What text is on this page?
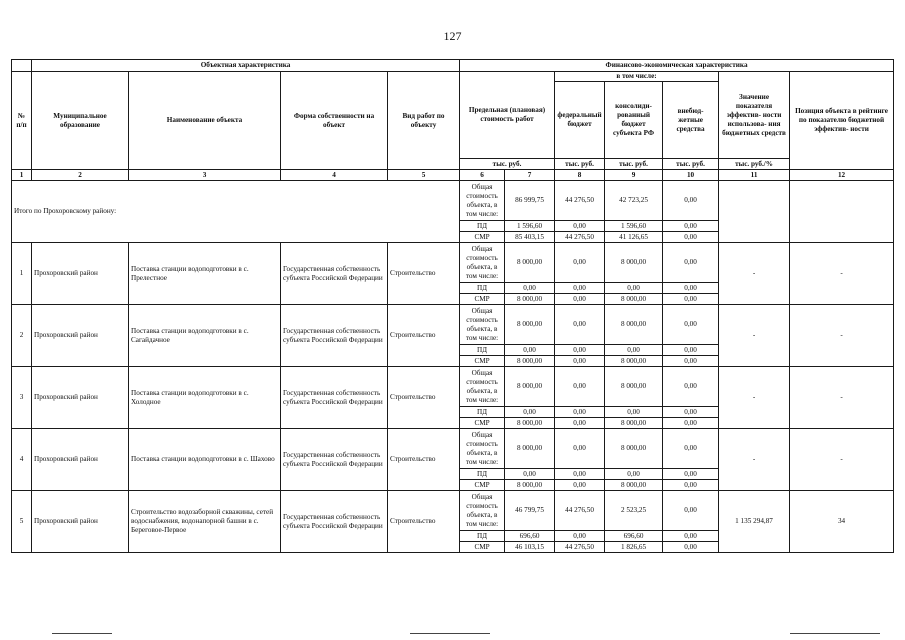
127
	Объектная характеристика				Финансово-экономическая характеристика						
№ п/п	Муниципальное образование	Наименование объекта	Форма собственности на объект	Вид работ по объекту	Предельная (плановая) стоимость работ		в том числе:			Значение показателя эффектив- ности использова- ния бюджетных средств	Позиция объекта в рейтинге по показателю бюджетной эффектив- ности
							федеральный бюджет	консолиди- рованный бюджет субъекта РФ	внебюд- жетные средства		
					тыс. руб.		тыс. руб.	тыс. руб.	тыс. руб.	тыс. руб./%	
1	2	3	4	5	6	7	8	9	10	11	12
Итого по Прохоровскому району:					Общая стоимость объекта, в том числе:	86 999,75	44 276,50	42 723,25	0,00		
					ПД	1 596,60	0,00	1 596,60	0,00		
					СМР	85 403,15	44 276,50	41 126,65	0,00		
1	Прохоровский район	Поставка станции водоподготовки в с. Прелестное	Государственная собственность субъекта Российской Федерации	Строительство	Общая стоимость объекта, в том числе:	8 000,00	0,00	8 000,00	0,00	-	-
					ПД	0,00	0,00	0,00	0,00		
					СМР	8 000,00	0,00	8 000,00	0,00		
2	Прохоровский район	Поставка станции водоподготовки в с. Сагайдачное	Государственная собственность субъекта Российской Федерации	Строительство	Общая стоимость объекта, в том числе:	8 000,00	0,00	8 000,00	0,00	-	-
					ПД	0,00	0,00	0,00	0,00		
					СМР	8 000,00	0,00	8 000,00	0,00		
3	Прохоровский район	Поставка станции водоподготовки в с. Холодное	Государственная собственность субъекта Российской Федерации	Строительство	Общая стоимость объекта, в том числе:	8 000,00	0,00	8 000,00	0,00	-	-
					ПД	0,00	0,00	0,00	0,00		
					СМР	8 000,00	0,00	8 000,00	0,00		
4	Прохоровский район	Поставка станции водоподготовки в с. Шахово	Государственная собственность субъекта Российской Федерации	Строительство	Общая стоимость объекта, в том числе:	8 000,00	0,00	8 000,00	0,00	-	-
					ПД	0,00	0,00	0,00	0,00		
					СМР	8 000,00	0,00	8 000,00	0,00		
5	Прохоровский район	Строительство водозаборной скважины, сетей водоснабжения, водонапорной башни в с. Береговое-Первое	Государственная собственность субъекта Российской Федерации	Строительство	Общая стоимость объекта, в том числе:	46 799,75	44 276,50	2 523,25	0,00	1 135 294,87	34
					ПД	696,60	0,00	696,60	0,00		
					СМР	46 103,15	44 276,50	1 826,65	0,00		
